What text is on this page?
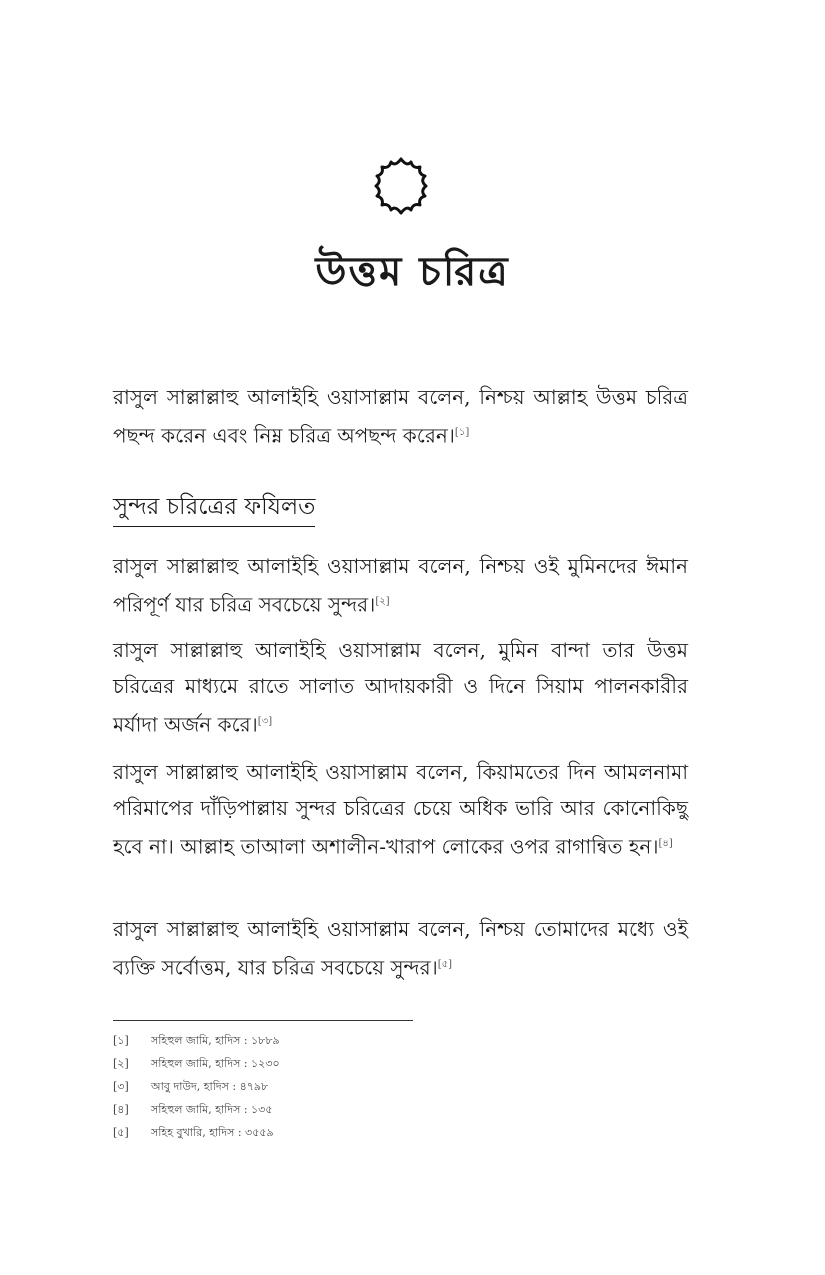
উত্তম চরিত্র

রাসুল সাল্লাল্লাহু আলাইহি ওয়াসাল্লাম বলেন, নিশ্চয় আল্লাহ উত্তম চরিত্র পছন্দ করেন এবং নিম্ন চরিত্র অপছন্দ করেন। [ $^১$ ]

সুন্দর চরিত্রের ফযিলত

রাসুল সাল্লাল্লাহু আলাইহি ওয়াসাল্লাম বলেন, নিশ্চয় ওই মুমিনদের ঈমান পরিপূর্ণ যার চরিত্র সবচেয়ে সুন্দর। [ $^২$ ]

রাসুল সাল্লাল্লাহু আলাইহি ওয়াসাল্লাম বলেন, মুমিন বান্দা তার উত্তম চরিত্রের মাধ্যমে রাতে সালাত আদায়কারী ও দিনে সিয়াম পালনকারীর মর্যাদা অর্জন করে। [ $^৩$ ]

রাসুল সাল্লাল্লাহু আলাইহি ওয়াসাল্লাম বলেন, কিয়ামতের দিন আমলনামা পরিমাপের দাঁড়িপাল্লায় সুন্দর চরিত্রের চেয়ে অধিক ভারি আর কোনোকিছু হবে না। আল্লাহ তাআলা অশালীন-খারাপ লোকের ওপর রাগান্বিত হন। [ $^৪$ ]

রাসুল সাল্লাল্লাহু আলাইহি ওয়াসাল্লাম বলেন, নিশ্চয় তোমাদের মধ্যে ওই ব্যক্তি সর্বোত্তম, যার চরিত্র সবচেয়ে সুন্দর। [ $^৫$ ]

[ ১ ] সহিহুল জামি, হাদিস : ১৮৮৯
[ ২ ] সহিহুল জামি, হাদিস : ১২৩০
[ ৩ ] আবু দাউদ, হাদিস : ৪৭৯৮
[ ৪ ] সহিহুল জামি, হাদিস : ১৩৫
[ ৫ ] সহিহ বুখারি, হাদিস : ৩৫৫৯
